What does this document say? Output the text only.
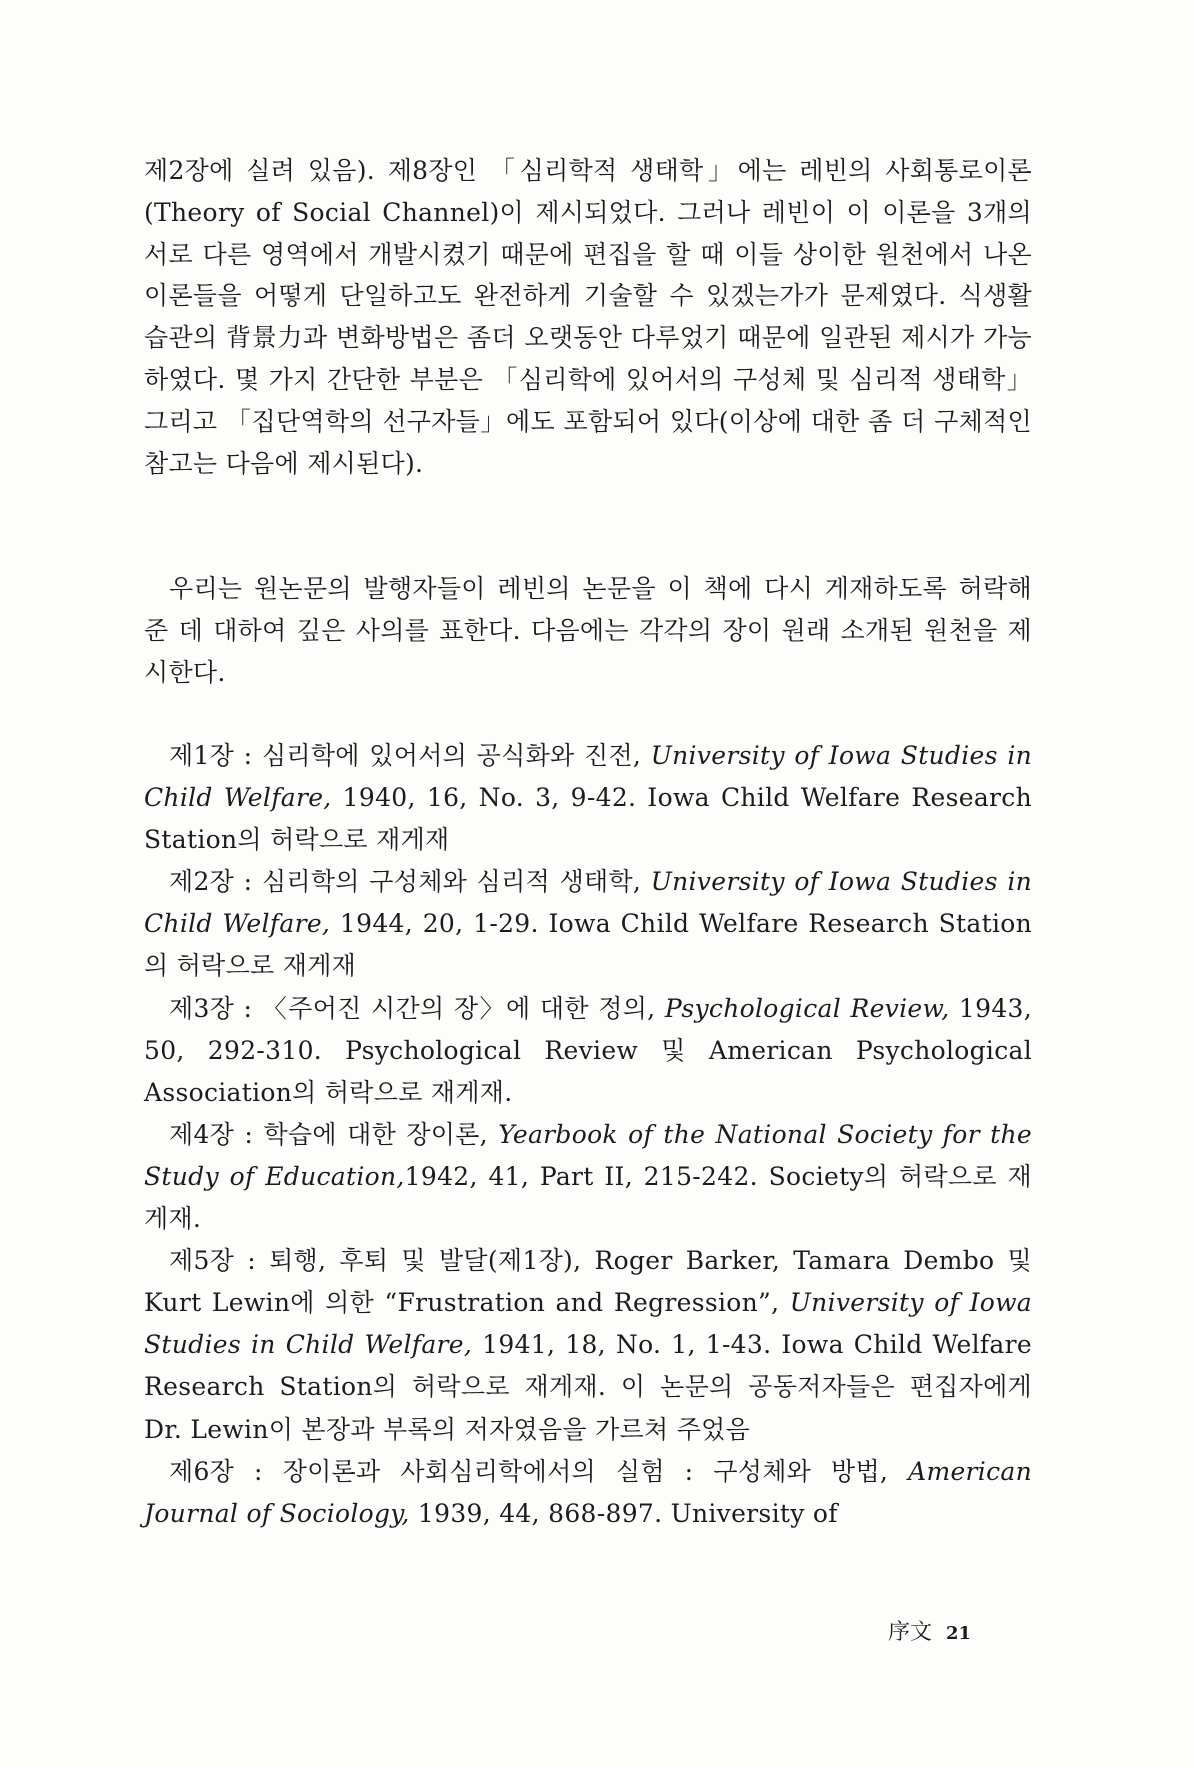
제2장에 실려 있음). 제8장인 「심리학적 생태학」에는 레빈의 사회통로이론 (Theory of Social Channel)이 제시되었다. 그러나 레빈이 이 이론을 3개의 서로 다른 영역에서 개발시켰기 때문에 편집을 할 때 이들 상이한 원천에서 나온 이론들을 어떻게 단일하고도 완전하게 기술할 수 있겠는가가 문제였다. 식생활 습관의 背景力과 변화방법은 좀더 오랫동안 다루었기 때문에 일관된 제시가 가능하였다. 몇 가지 간단한 부분은 「심리학에 있어서의 구성체 및 심리적 생태학」 그리고 「집단역학의 선구자들」에도 포함되어 있다(이상에 대한 좀 더 구체적인 참고는 다음에 제시된다).

우리는 원논문의 발행자들이 레빈의 논문을 이 책에 다시 게재하도록 허락해 준 데 대하여 깊은 사의를 표한다. 다음에는 각각의 장이 원래 소개된 원천을 제시한다.

제1장 : 심리학에 있어서의 공식화와 진전, University of Iowa Studies in Child Welfare, 1940, 16, No. 3, 9-42. Iowa Child Welfare Research Station의 허락으로 재게재

제2장 : 심리학의 구성체와 심리적 생태학, University of Iowa Studies in Child Welfare, 1944, 20, 1-29. Iowa Child Welfare Research Station의 허락으로 재게재

제3장 : 〈주어진 시간의 장〉에 대한 정의, Psychological Review, 1943, 50, 292-310. Psychological Review 및 American Psychological Association의 허락으로 재게재.

제4장 : 학습에 대한 장이론, Yearbook of the National Society for the Study of Education,1942, 41, Part II, 215-242. Society의 허락으로 재게재.

제5장 : 퇴행, 후퇴 및 발달(제1장), Roger Barker, Tamara Dembo 및 Kurt Lewin에 의한 “Frustration and Regression”, University of Iowa Studies in Child Welfare, 1941, 18, No. 1, 1-43. Iowa Child Welfare Research Station의 허락으로 재게재. 이 논문의 공동저자들은 편집자에게 Dr. Lewin이 본장과 부록의 저자였음을 가르쳐 주었음

제6장 : 장이론과 사회심리학에서의 실험 : 구성체와 방법, American Journal of Sociology, 1939, 44, 868-897. University of

序文 21
